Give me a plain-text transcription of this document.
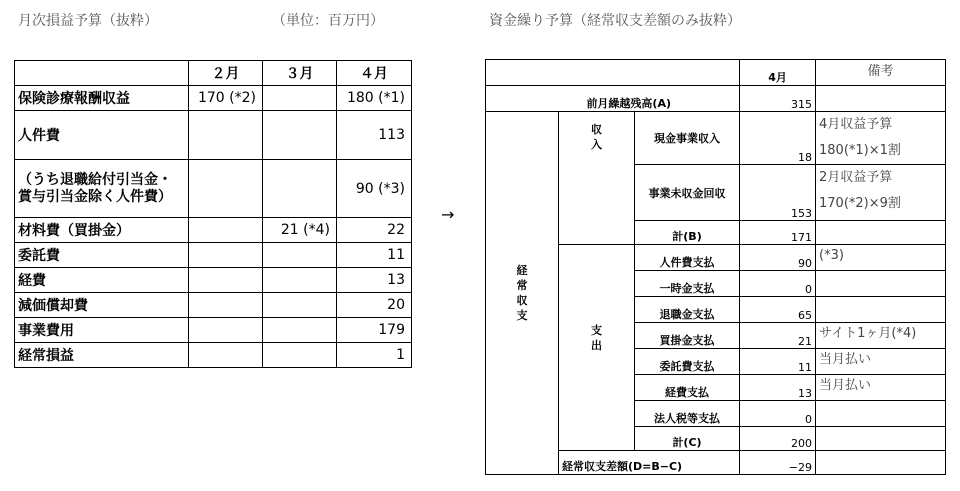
月次損益予算（抜粋）	（単位：百万円）	資金繰り予算（経常収支差額のみ抜粋）
	２月	３月	４月
保険診療報酬収益	170 (*2)		180 (*1)
人件費			113
（うち退職給付引当金・賞与引当金除く人件費）			90 (*3)
材料費（買掛金）		21 (*4)	22
委託費			11
経費			13
減価償却費			20
事業費用			179
経常損益			1
→
			4月	備考
前月繰越残高(A)			315	
経常収支	収入	現金事業収入	18	4月収益予算
180(*1)×1割

		事業未収金回収	153	2月収益予算
170(*2)×9割

		計(B)	171	
	支出	人件費支払	90	(*3)
		一時金支払	0	
		退職金支払	65	
		買掛金支払	21	サイト1ヶ月(*4)
		委託費支払	11	当月払い
		経費支払	13	当月払い
		法人税等支払	0	
		計(C)	200	
	経常収支差額(D=B−C)		−29	
